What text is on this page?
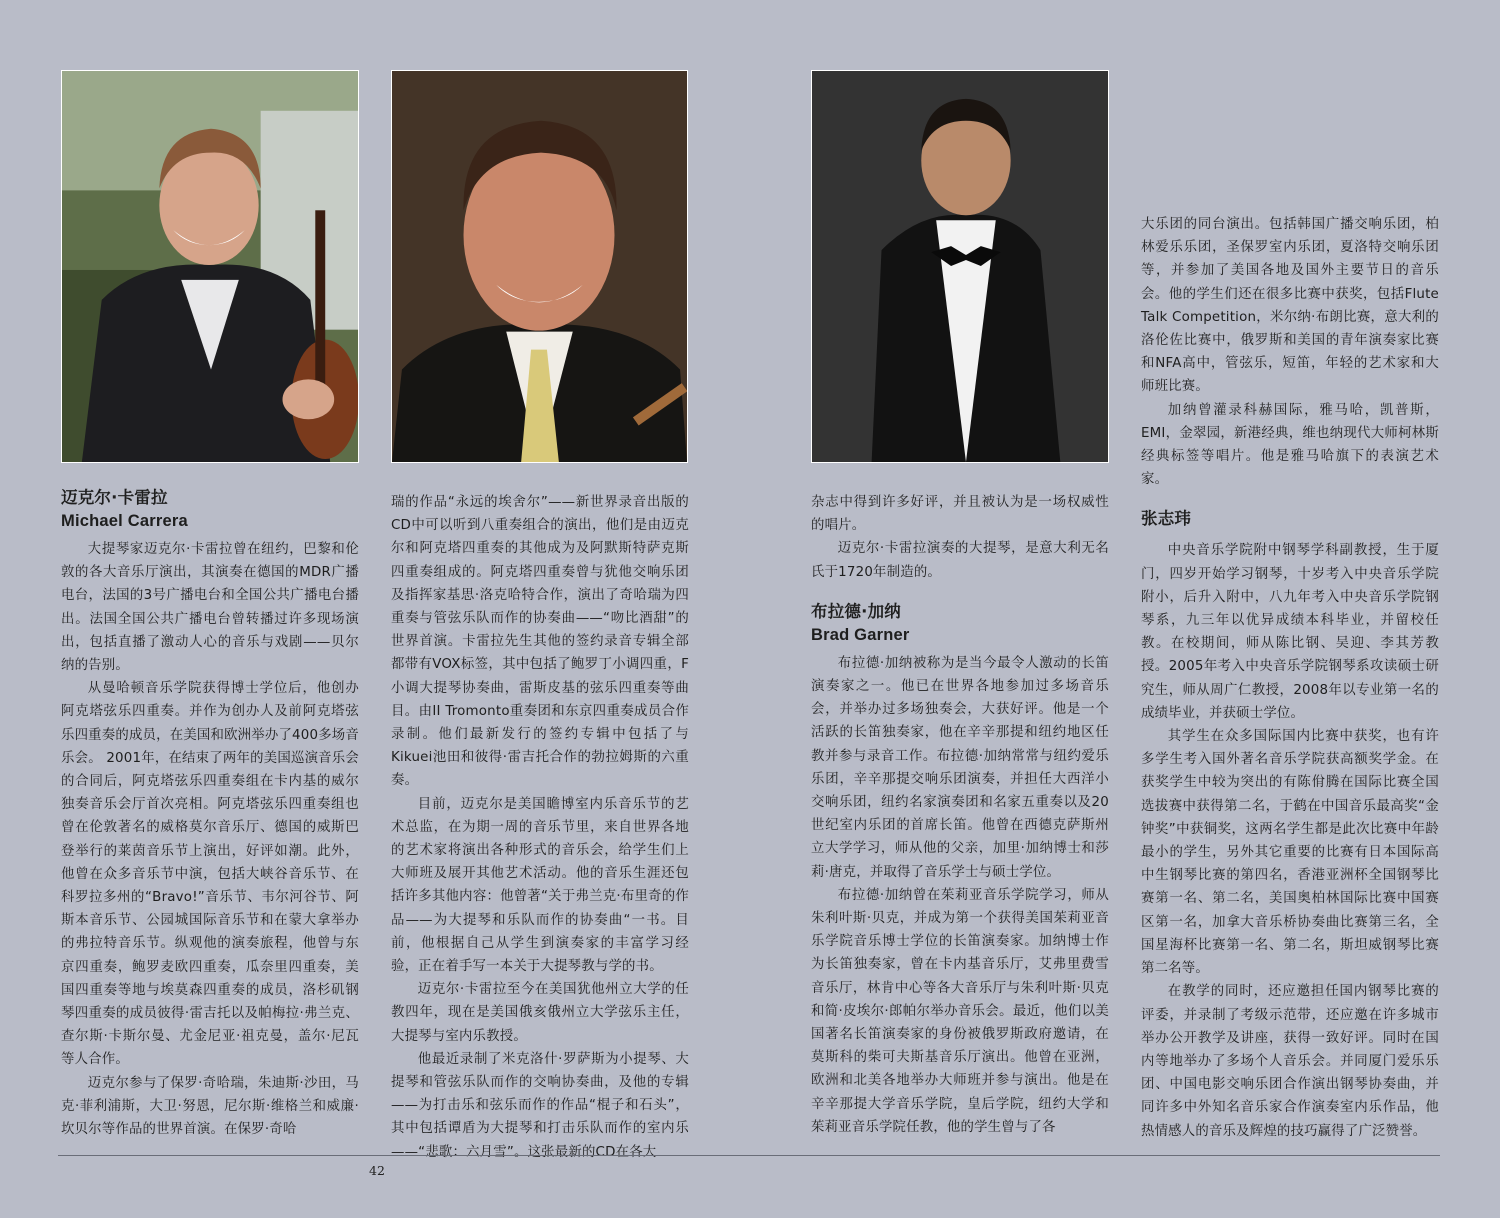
迈克尔·卡雷拉
Michael Carrera

大提琴家迈克尔·卡雷拉曾在纽约，巴黎和伦敦的各大音乐厅演出，其演奏在德国的MDR广播电台，法国的3号广播电台和全国公共广播电台播出。法国全国公共广播电台曾转播过许多现场演出，包括直播了激动人心的音乐与戏剧——贝尔纳的告别。

从曼哈顿音乐学院获得博士学位后，他创办阿克塔弦乐四重奏。并作为创办人及前阿克塔弦乐四重奏的成员，在美国和欧洲举办了400多场音乐会。 2001年，在结束了两年的美国巡演音乐会的合同后，阿克塔弦乐四重奏组在卡内基的威尔独奏音乐会厅首次亮相。阿克塔弦乐四重奏组也曾在伦敦著名的威格莫尔音乐厅、德国的威斯巴登举行的莱茵音乐节上演出，好评如潮。此外，他曾在众多音乐节中演，包括大峡谷音乐节、在科罗拉多州的“Bravo!”音乐节、韦尔河谷节、阿斯本音乐节、公园城国际音乐节和在蒙大拿举办的弗拉特音乐节。纵观他的演奏旅程，他曾与东京四重奏，鲍罗麦欧四重奏，瓜奈里四重奏，美国四重奏等地与埃莫森四重奏的成员，洛杉矶钢琴四重奏的成员彼得·雷吉托以及帕梅拉·弗兰克、查尔斯·卡斯尔曼、尤金尼亚·祖克曼，盖尔·尼瓦等人合作。

迈克尔参与了保罗·奇哈瑞，朱迪斯·沙田，马克·菲利浦斯，大卫·努恩，尼尔斯·维格兰和威廉·坎贝尔等作品的世界首演。在保罗·奇哈

瑞的作品“永远的埃舍尔”——新世界录音出版的CD中可以听到八重奏组合的演出，他们是由迈克尔和阿克塔四重奏的其他成为及阿默斯特萨克斯四重奏组成的。阿克塔四重奏曾与犹他交响乐团及指挥家基思·洛克哈特合作，演出了奇哈瑞为四重奏与管弦乐队而作的协奏曲——“吻比酒甜”的世界首演。卡雷拉先生其他的签约录音专辑全部都带有VOX标签，其中包括了鲍罗丁小调四重，F小调大提琴协奏曲，雷斯皮基的弦乐四重奏等曲目。由II Tromonto重奏团和东京四重奏成员合作录制。他们最新发行的签约专辑中包括了与Kikuei池田和彼得·雷吉托合作的勃拉姆斯的六重奏。

目前，迈克尔是美国瞻博室内乐音乐节的艺术总监，在为期一周的音乐节里，来自世界各地的艺术家将演出各种形式的音乐会，给学生们上大师班及展开其他艺术活动。他的音乐生涯还包括许多其他内容：他曾著“关于弗兰克·布里奇的作品——为大提琴和乐队而作的协奏曲“一书。目前，他根据自己从学生到演奏家的丰富学习经验，正在着手写一本关于大提琴教与学的书。

迈克尔·卡雷拉至今在美国犹他州立大学的任教四年，现在是美国俄亥俄州立大学弦乐主任，大提琴与室内乐教授。

他最近录制了米克洛什·罗萨斯为小提琴、大提琴和管弦乐队而作的交响协奏曲，及他的专辑——为打击乐和弦乐而作的作品“棍子和石头”，其中包括谭盾为大提琴和打击乐队而作的室内乐——“悲歌：六月雪”。这张最新的CD在各大

杂志中得到许多好评，并且被认为是一场权威性的唱片。

迈克尔·卡雷拉演奏的大提琴，是意大利无名氏于1720年制造的。

布拉德·加纳
Brad Garner

布拉德·加纳被称为是当今最令人激动的长笛演奏家之一。他已在世界各地参加过多场音乐会，并举办过多场独奏会，大获好评。他是一个活跃的长笛独奏家，他在辛辛那提和纽约地区任教并参与录音工作。布拉德·加纳常常与纽约爱乐乐团，辛辛那提交响乐团演奏，并担任大西洋小交响乐团，纽约名家演奏团和名家五重奏以及20世纪室内乐团的首席长笛。他曾在西德克萨斯州立大学学习，师从他的父亲，加里·加纳博士和莎莉·唐克，并取得了音乐学士与硕士学位。

布拉德·加纳曾在茱莉亚音乐学院学习，师从朱利叶斯·贝克，并成为第一个获得美国茱莉亚音乐学院音乐博士学位的长笛演奏家。加纳博士作为长笛独奏家，曾在卡内基音乐厅，艾弗里费雪音乐厅，林肯中心等各大音乐厅与朱利叶斯·贝克和简·皮埃尔·郎帕尔举办音乐会。最近，他们以美国著名长笛演奏家的身份被俄罗斯政府邀请，在莫斯科的柴可夫斯基音乐厅演出。他曾在亚洲，欧洲和北美各地举办大师班并参与演出。他是在辛辛那提大学音乐学院，皇后学院，纽约大学和茱莉亚音乐学院任教，他的学生曾与了各

大乐团的同台演出。包括韩国广播交响乐团，柏林爱乐乐团，圣保罗室内乐团，夏洛特交响乐团等，并参加了美国各地及国外主要节日的音乐会。他的学生们还在很多比赛中获奖，包括Flute Talk Competition，米尔纳·布朗比赛，意大利的洛伦佐比赛中，俄罗斯和美国的青年演奏家比赛和NFA高中，管弦乐，短笛，年轻的艺术家和大师班比赛。

加纳曾灌录科赫国际，雅马哈，凯普斯，EMI，金翠园，新港经典，维也纳现代大师柯林斯经典标签等唱片。他是雅马哈旗下的表演艺术家。

张志玮

中央音乐学院附中钢琴学科副教授，生于厦门，四岁开始学习钢琴，十岁考入中央音乐学院附小，后升入附中，八九年考入中央音乐学院钢琴系，九三年以优异成绩本科毕业，并留校任教。在校期间，师从陈比钢、吴迎、李其芳教授。2005年考入中央音乐学院钢琴系攻读硕士研究生，师从周广仁教授，2008年以专业第一名的成绩毕业，并获硕士学位。

其学生在众多国际国内比赛中获奖，也有许多学生考入国外著名音乐学院获高额奖学金。在获奖学生中较为突出的有陈佾腾在国际比赛全国选拔赛中获得第二名，于鹤在中国音乐最高奖“金钟奖”中获铜奖，这两名学生都是此次比赛中年龄最小的学生，另外其它重要的比赛有日本国际高中生钢琴比赛的第四名，香港亚洲杯全国钢琴比赛第一名、第二名，美国奥柏林国际比赛中国赛区第一名，加拿大音乐桥协奏曲比赛第三名，全国星海杯比赛第一名、第二名，斯坦威钢琴比赛第二名等。

在教学的同时，还应邀担任国内钢琴比赛的评委，并录制了考级示范带，还应邀在许多城市举办公开教学及讲座，获得一致好评。同时在国内等地举办了多场个人音乐会。并同厦门爱乐乐团、中国电影交响乐团合作演出钢琴协奏曲，并同许多中外知名音乐家合作演奏室内乐作品，他热情感人的音乐及辉煌的技巧赢得了广泛赞誉。

42
